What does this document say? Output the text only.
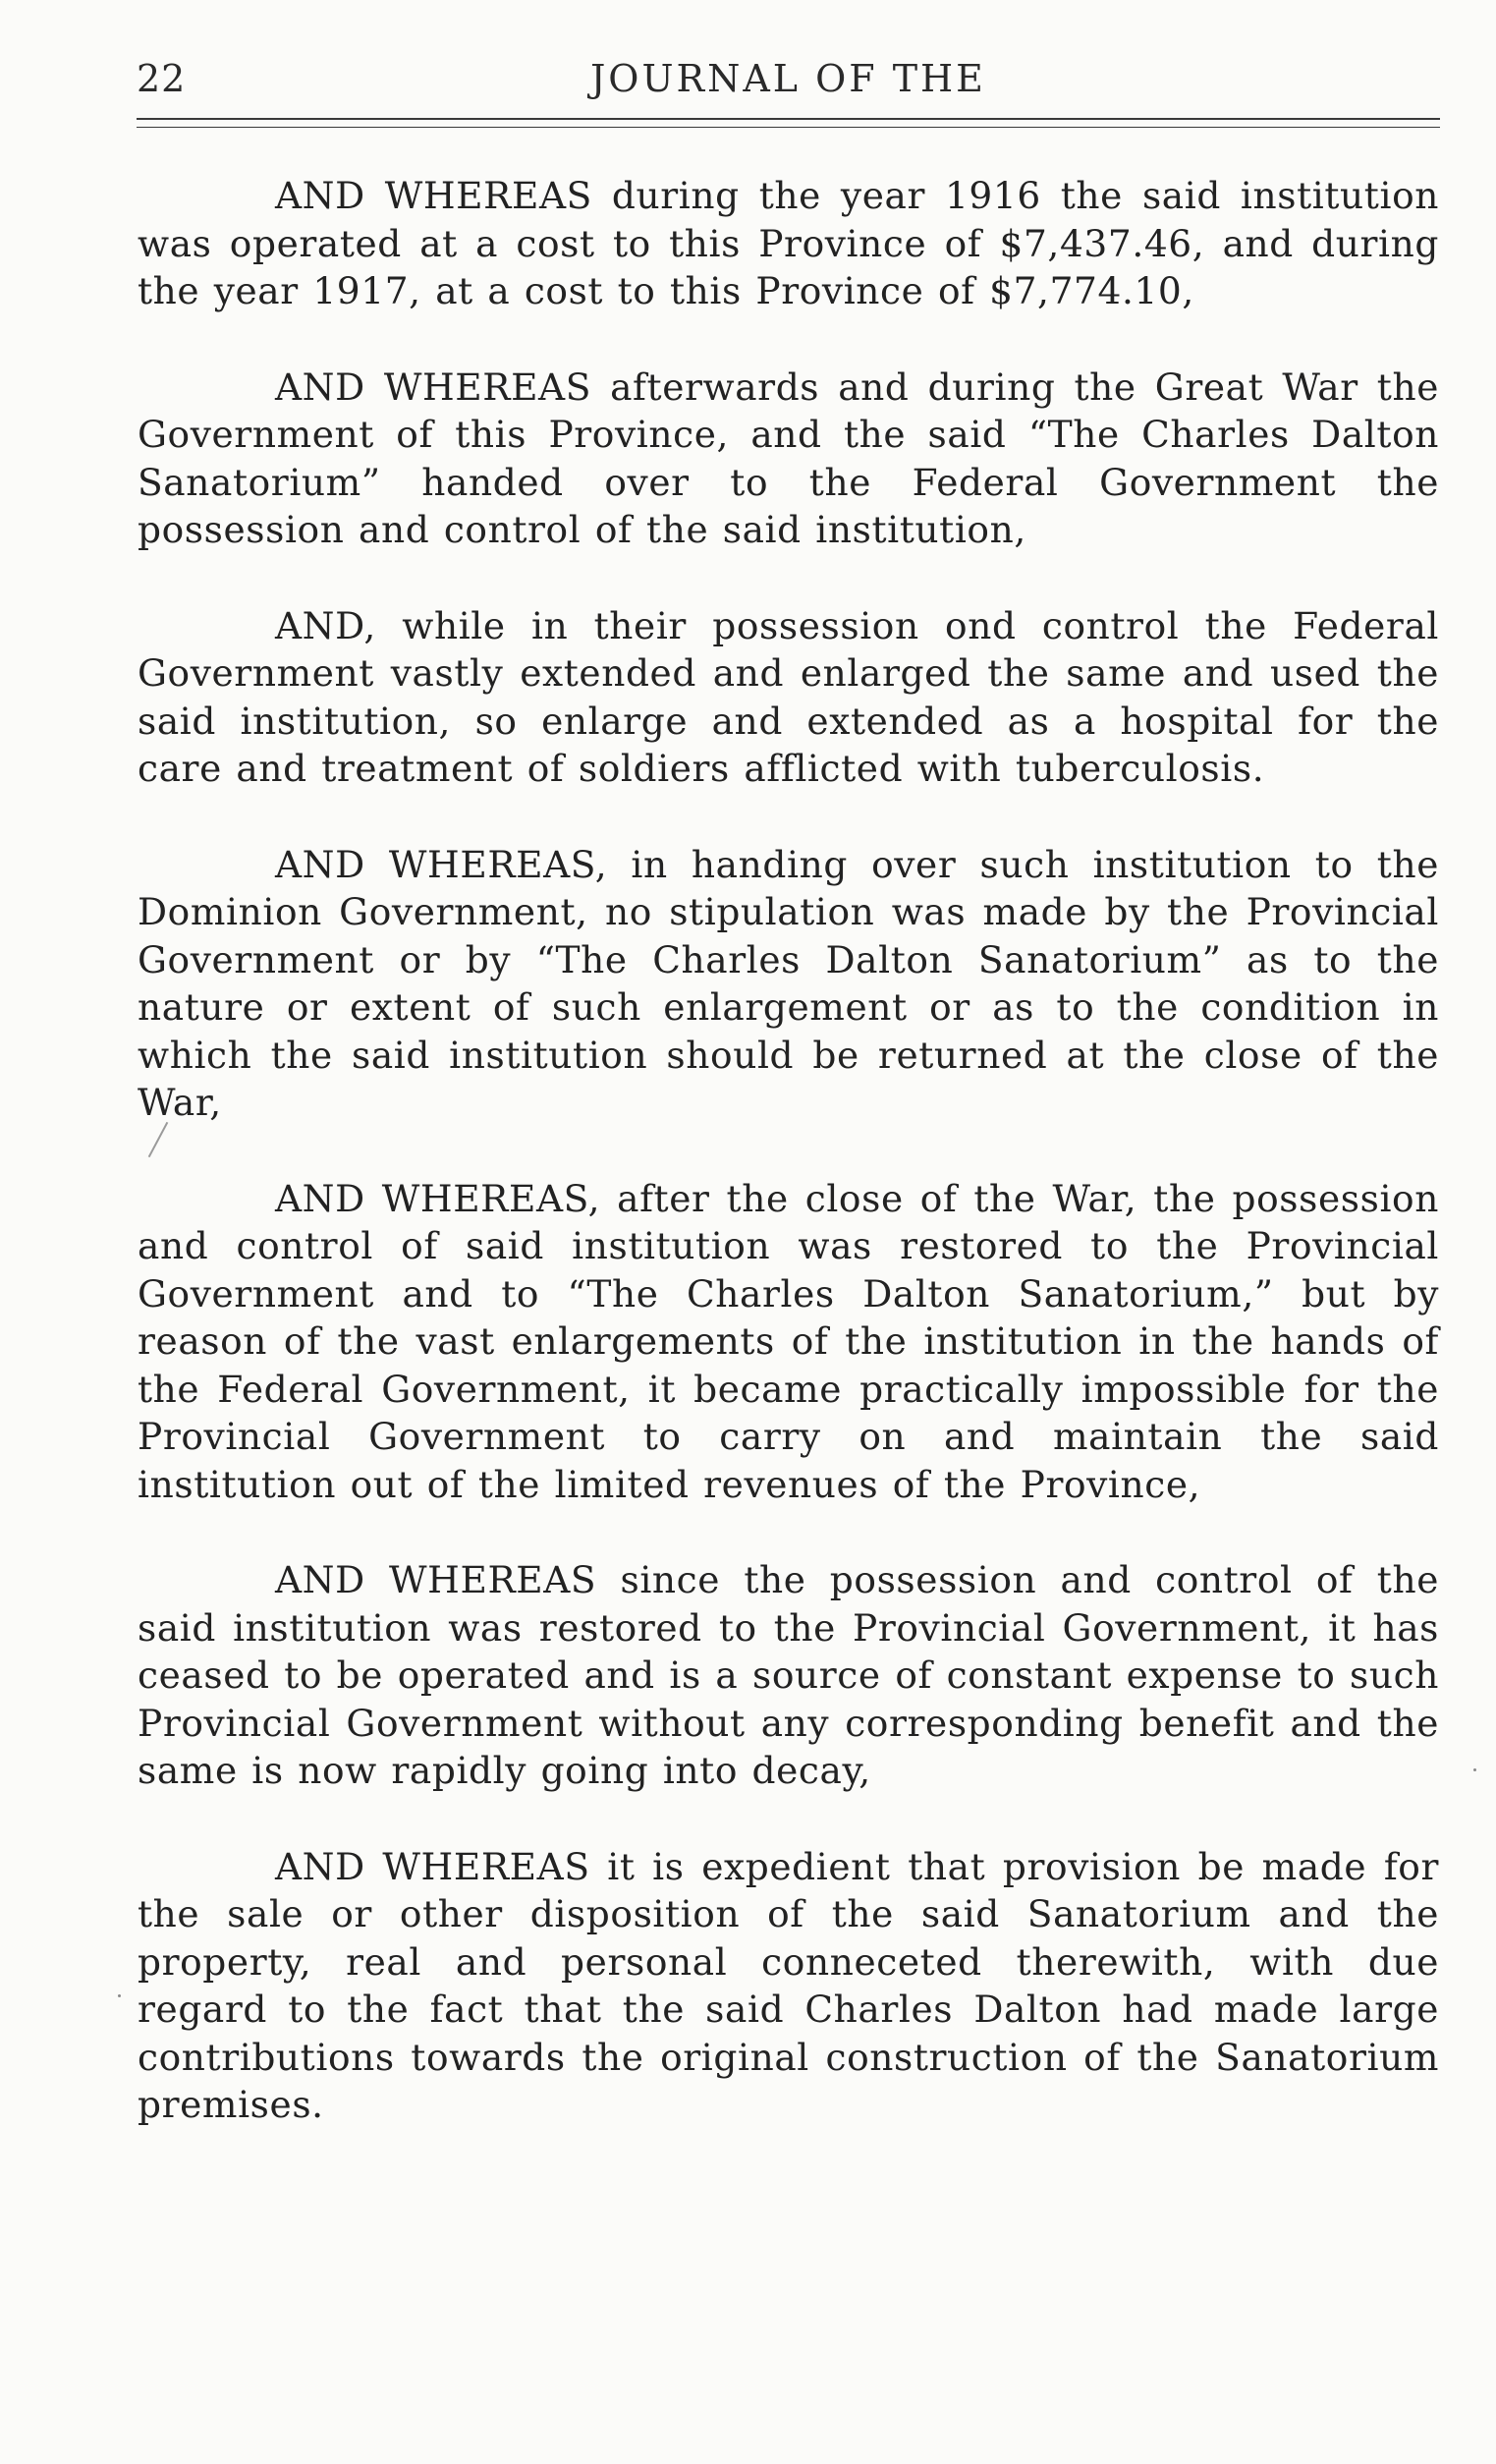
22	JOURNAL OF THE

AND WHEREAS during the year 1916 the said institution was operated at a cost to this Province of $7,437.46, and during the year 1917, at a cost to this Province of $7,774.10,

AND WHEREAS afterwards and during the Great War the Government of this Province, and the said “The Charles Dalton Sanatorium” handed over to the Federal Government the possession and control of the said institution,

AND, while in their possession ond control the Federal Government vastly extended and enlarged the same and used the said institution, so enlarge and extended as a hospital for the care and treatment of soldiers afflicted with tuberculosis.

AND WHEREAS, in handing over such institution to the Dominion Government, no stipulation was made by the Provincial Government or by “The Charles Dalton Sanatorium” as to the nature or extent of such enlargement or as to the condition in which the said institution should be returned at the close of the War,

AND WHEREAS, after the close of the War, the possession and control of said institution was restored to the Provincial Government and to “The Charles Dalton Sanatorium,” but by reason of the vast enlargements of the institution in the hands of the Federal Government, it became practically impossible for the Provincial Government to carry on and maintain the said institution out of the limited revenues of the Province,

AND WHEREAS since the possession and control of the said institution was restored to the Provincial Government, it has ceased to be operated and is a source of constant expense to such Provincial Government without any corresponding benefit and the same is now rapidly going into decay,

AND WHEREAS it is expedient that provision be made for the sale or other disposition of the said Sanatorium and the property, real and personal conneceted therewith, with due regard to the fact that the said Charles Dalton had made large contributions towards the original construction of the Sanatorium premises.
